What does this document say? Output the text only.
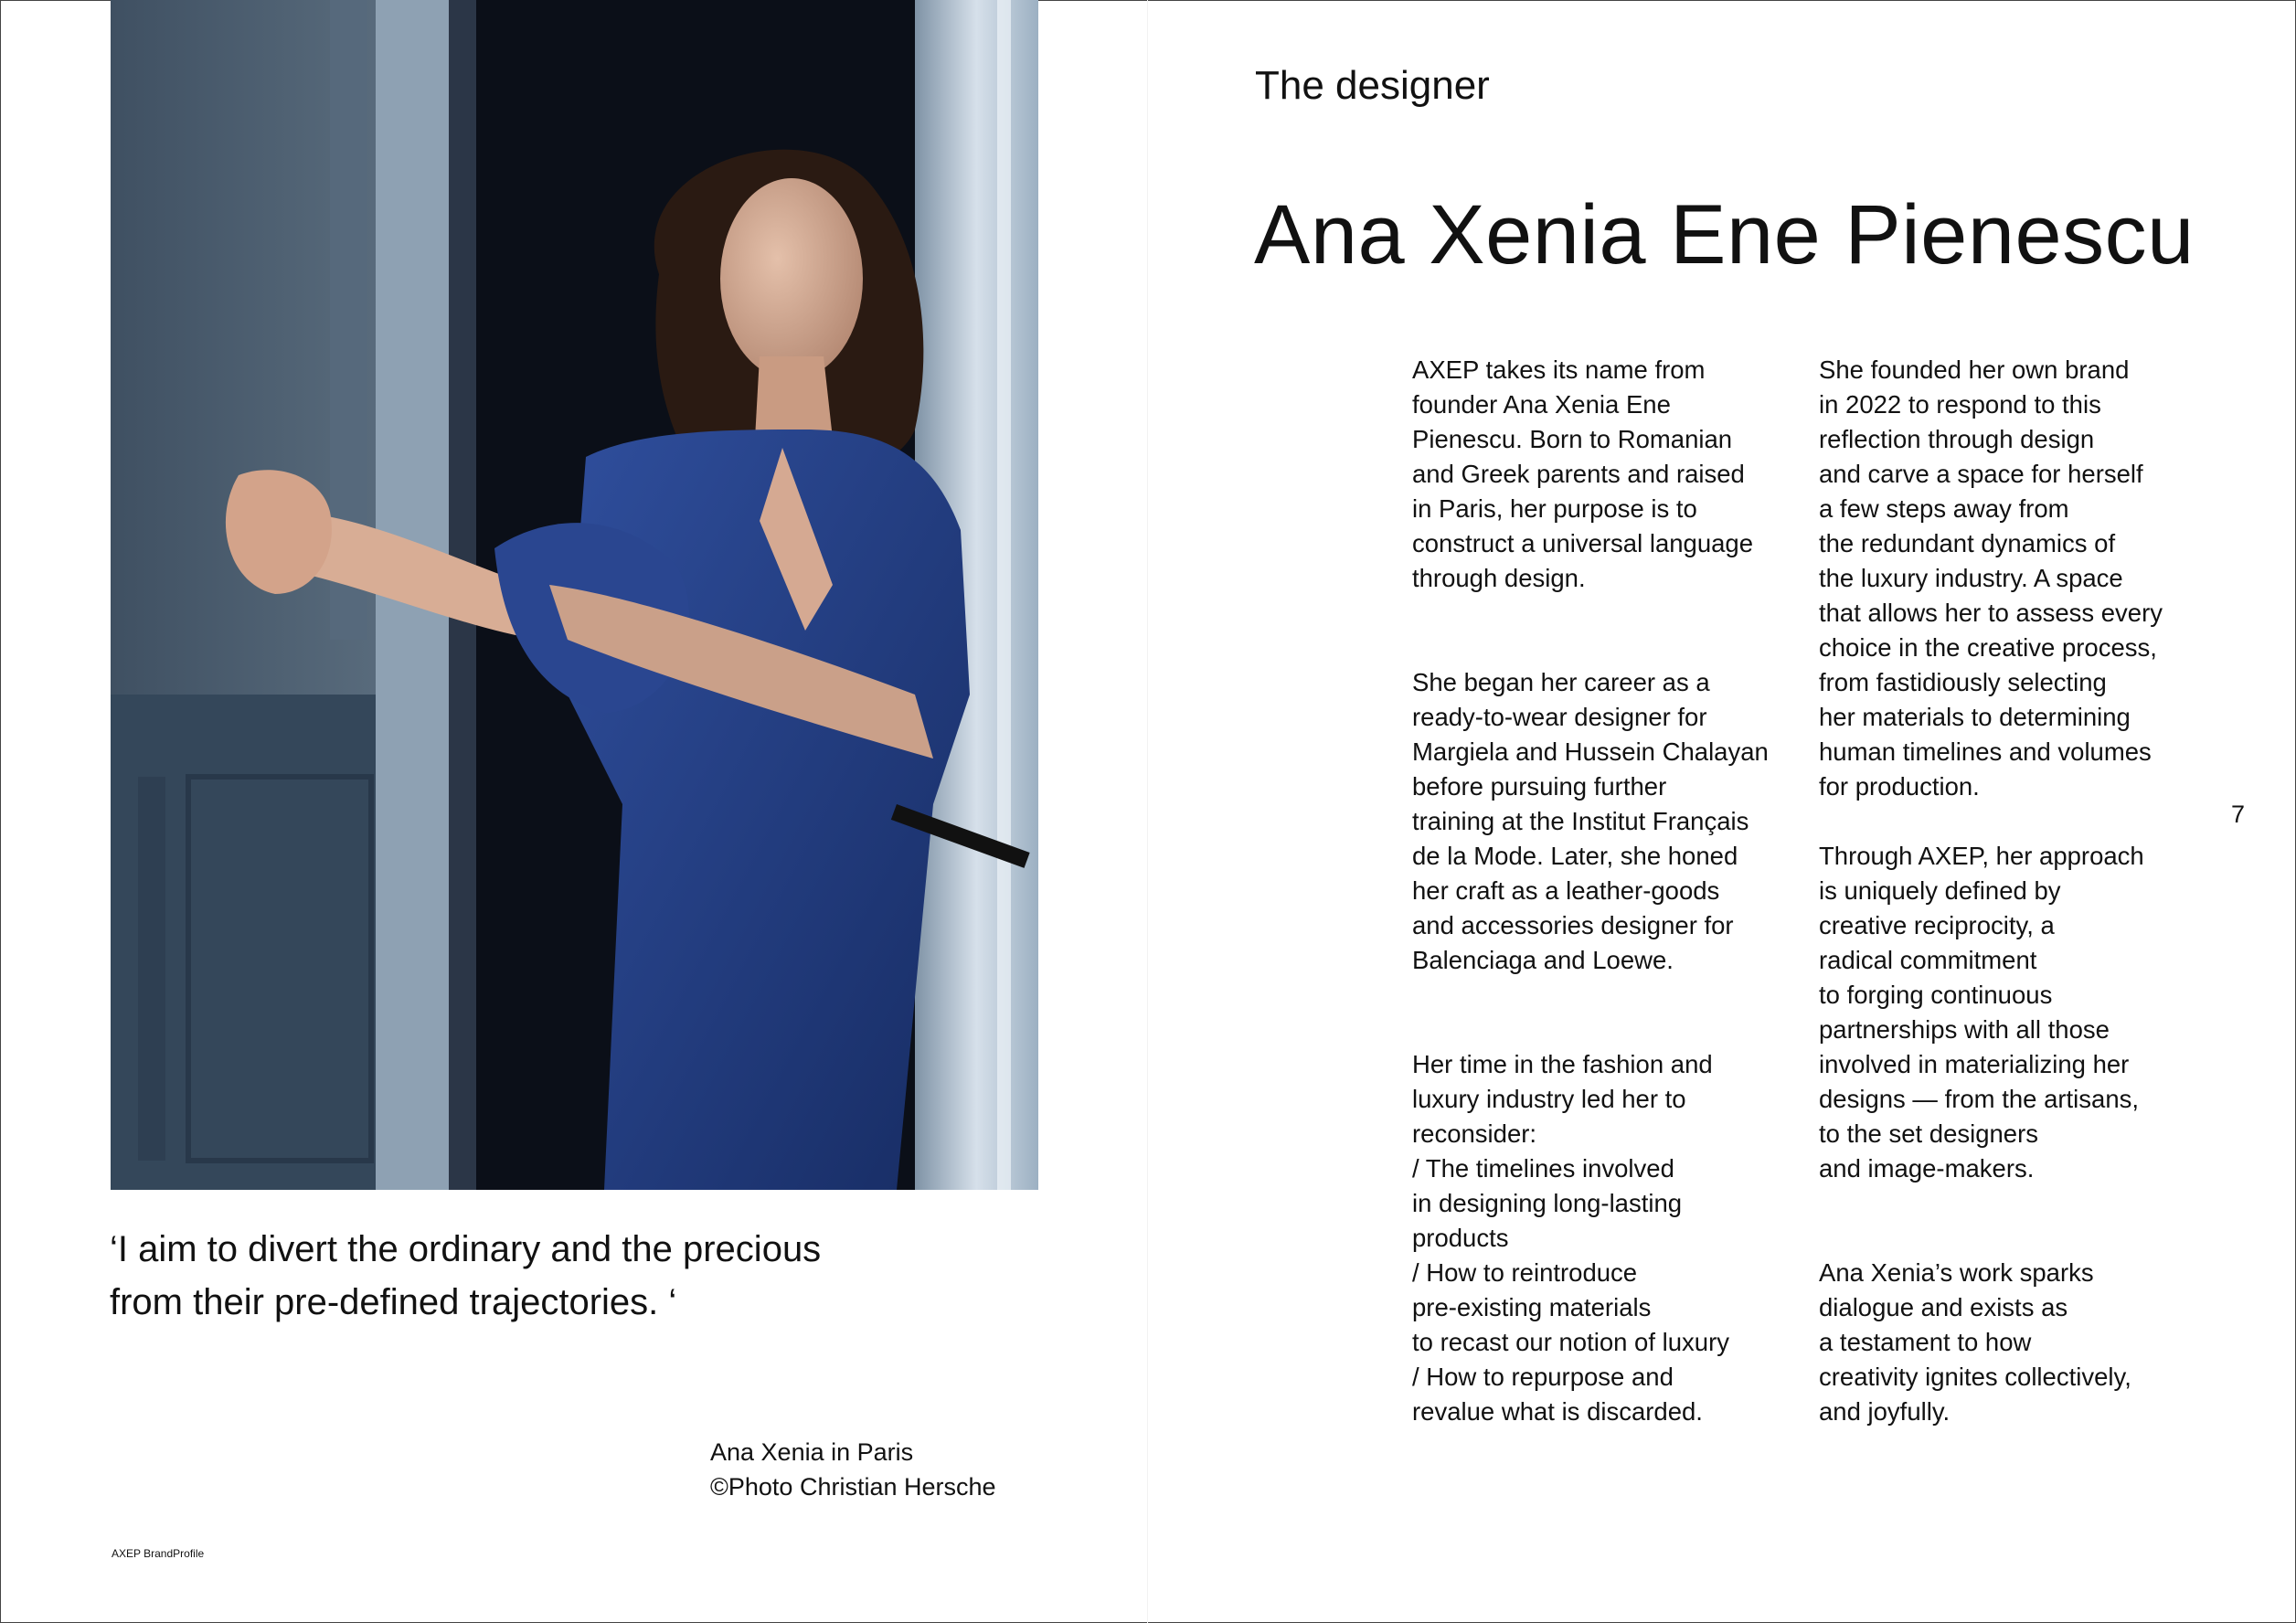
‘I aim to divert the ordinary and the precious
from their pre-defined trajectories. ‘
Ana Xenia in Paris
©Photo Christian Hersche
AXEP BrandProfile
The designer
Ana Xenia Ene Pienescu
AXEP takes its name from
founder Ana Xenia Ene
Pienescu. Born to Romanian
and Greek parents and raised
in Paris, her purpose is to
construct a universal language
through design.
She began her career as a
ready-to-wear designer for
Margiela and Hussein Chalayan
before pursuing further
training at the Institut Français
de la Mode. Later, she honed
her craft as a leather-goods
and accessories designer for
Balenciaga and Loewe.
Her time in the fashion and
luxury industry led her to
reconsider:
/ The timelines involved
in designing long-lasting
products
/ How to reintroduce
pre-existing materials
to recast our notion of luxury
/ How to repurpose and
revalue what is discarded.
She founded her own brand
in 2022 to respond to this
reflection through design
and carve a space for herself
a few steps away from
the redundant dynamics of
the luxury industry. A space
that allows her to assess every
choice in the creative process,
from fastidiously selecting
her materials to determining
human timelines and volumes
for production.
Through AXEP, her approach
is uniquely defined by
creative reciprocity, a
radical commitment
to forging continuous
partnerships with all those
involved in materializing her
designs — from the artisans,
to the set designers
and image-makers.
Ana Xenia’s work sparks
dialogue and exists as
a testament to how
creativity ignites collectively,
and joyfully.
7
